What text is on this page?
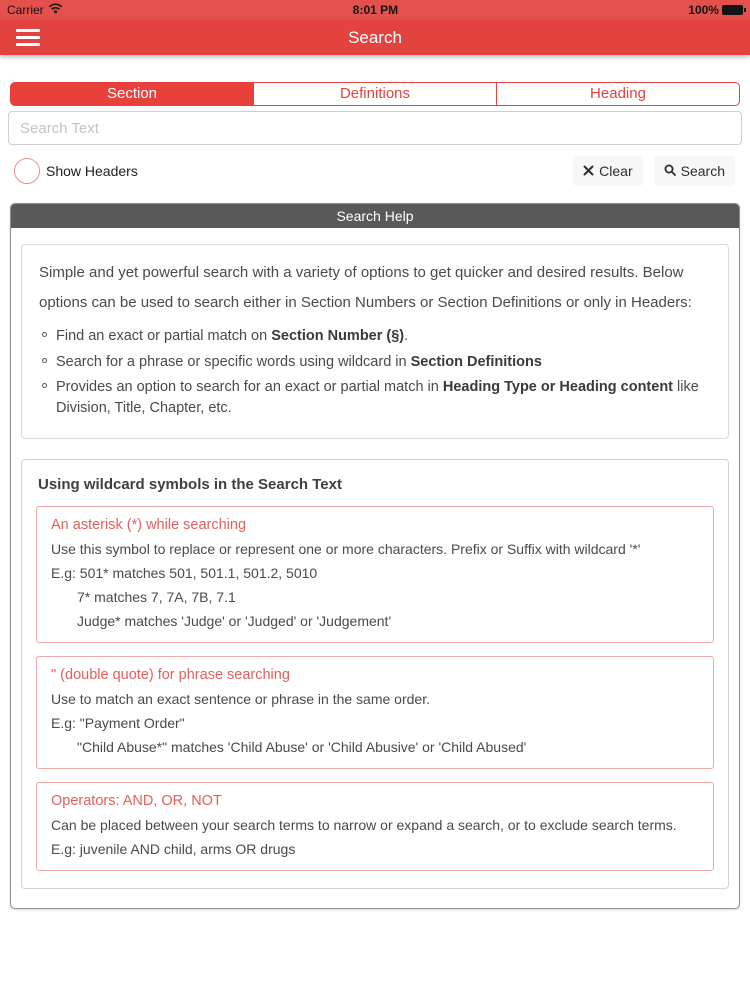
Carrier	8:01 PM	100%
Search
Section	Definitions	Heading
Search Text
Show Headers	Clear	Search
Search Help
Simple and yet powerful search with a variety of options to get quicker and desired results. Below options can be used to search either in Section Numbers or Section Definitions or only in Headers:
Find an exact or partial match on Section Number (§).
Search for a phrase or specific words using wildcard in Section Definitions
Provides an option to search for an exact or partial match in Heading Type or Heading content like Division, Title, Chapter, etc.
Using wildcard symbols in the Search Text
An asterisk (*) while searching
Use this symbol to replace or represent one or more characters. Prefix or Suffix with wildcard '*'
E.g: 501* matches 501, 501.1, 501.2, 5010
7* matches 7, 7A, 7B, 7.1
Judge* matches 'Judge' or 'Judged' or 'Judgement'
" (double quote) for phrase searching
Use to match an exact sentence or phrase in the same order.
E.g: "Payment Order"
"Child Abuse*" matches 'Child Abuse' or 'Child Abusive' or 'Child Abused'
Operators: AND, OR, NOT
Can be placed between your search terms to narrow or expand a search, or to exclude search terms.
E.g: juvenile AND child, arms OR drugs
